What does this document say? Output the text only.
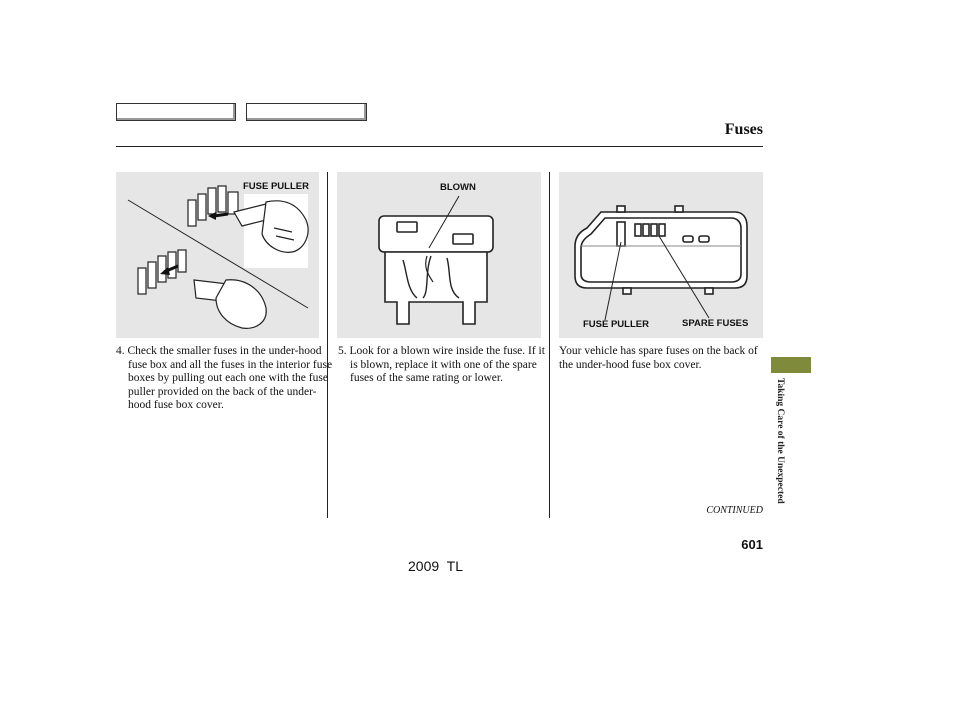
Fuses
FUSE PULLER	BLOWN
FUSE PULLER	SPARE FUSES
4. Check the smaller fuses in the under-hood fuse box and all the fuses in the interior fuse boxes by pulling out each one with the fuse puller provided on the back of the under-hood fuse box cover.
5. Look for a blown wire inside the fuse. If it is blown, replace it with one of the spare fuses of the same rating or lower.
Your vehicle has spare fuses on the back of the under-hood fuse box cover.
CONTINUED
601
2009  TL
Taking Care of the Unexpected
